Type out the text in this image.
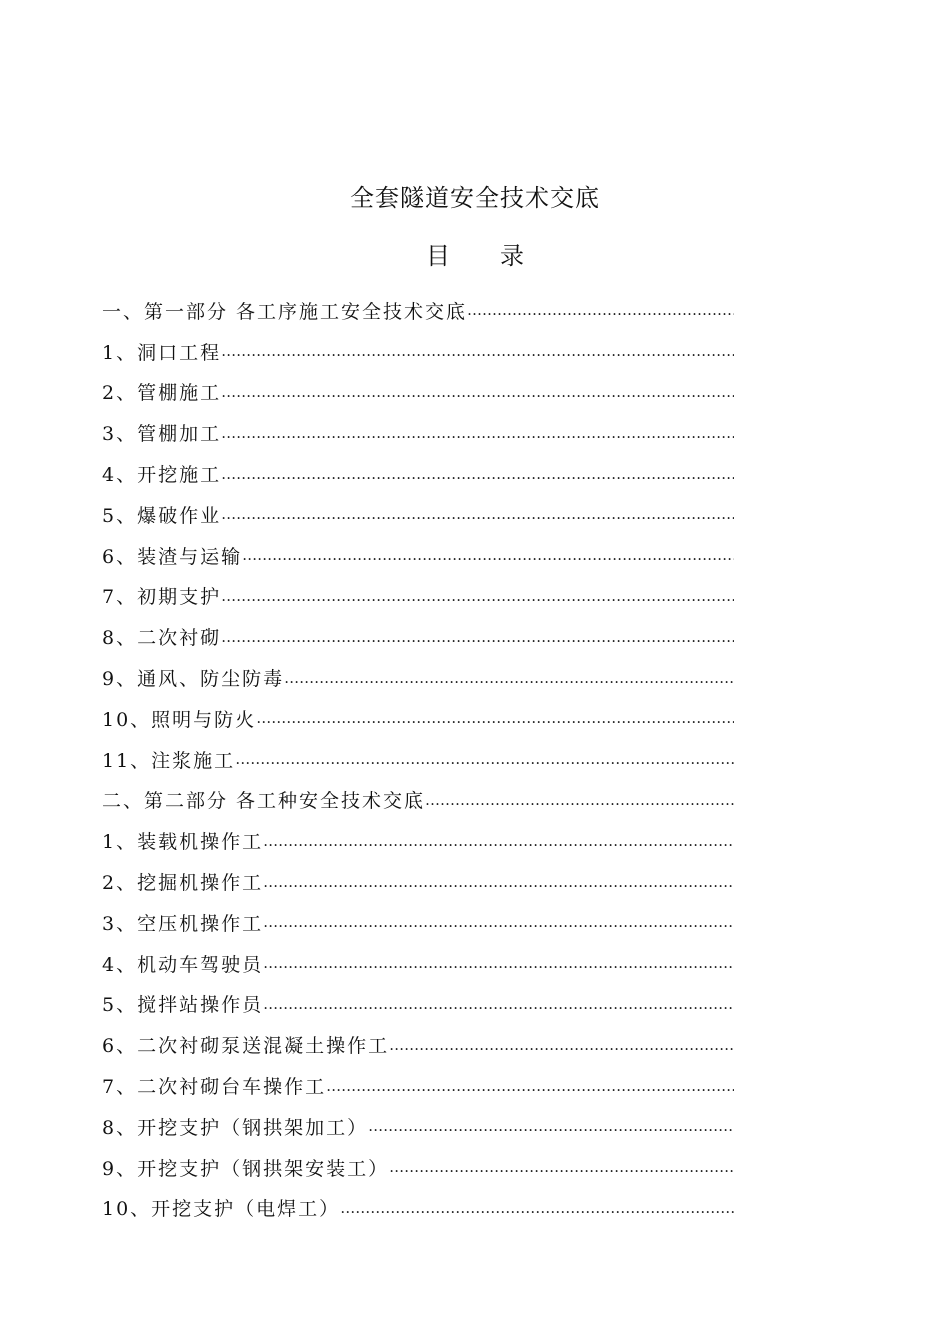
全套隧道安全技术交底
目 录
一、第一部分 各工序施工安全技术交底
……………………………………………………………………………………………………………………………………………
1、洞口工程
……………………………………………………………………………………………………………………………………………
2、管棚施工
……………………………………………………………………………………………………………………………………………
3、管棚加工
……………………………………………………………………………………………………………………………………………
4、开挖施工
……………………………………………………………………………………………………………………………………………
5、爆破作业
……………………………………………………………………………………………………………………………………………
6、装渣与运输
……………………………………………………………………………………………………………………………………………
7、初期支护
……………………………………………………………………………………………………………………………………………
8、二次衬砌
……………………………………………………………………………………………………………………………………………
9、通风、防尘防毒
……………………………………………………………………………………………………………………………………………
10、照明与防火
……………………………………………………………………………………………………………………………………………
11、注浆施工
……………………………………………………………………………………………………………………………………………
二、第二部分 各工种安全技术交底
……………………………………………………………………………………………………………………………………………
1、装载机操作工
……………………………………………………………………………………………………………………………………………
2、挖掘机操作工
……………………………………………………………………………………………………………………………………………
3、空压机操作工
……………………………………………………………………………………………………………………………………………
4、机动车驾驶员
……………………………………………………………………………………………………………………………………………
5、搅拌站操作员
……………………………………………………………………………………………………………………………………………
6、二次衬砌泵送混凝土操作工
……………………………………………………………………………………………………………………………………………
7、二次衬砌台车操作工
……………………………………………………………………………………………………………………………………………
8、开挖支护（钢拱架加工）
……………………………………………………………………………………………………………………………………………
9、开挖支护（钢拱架安装工）
……………………………………………………………………………………………………………………………………………
10、开挖支护（电焊工）
……………………………………………………………………………………………………………………………………………
